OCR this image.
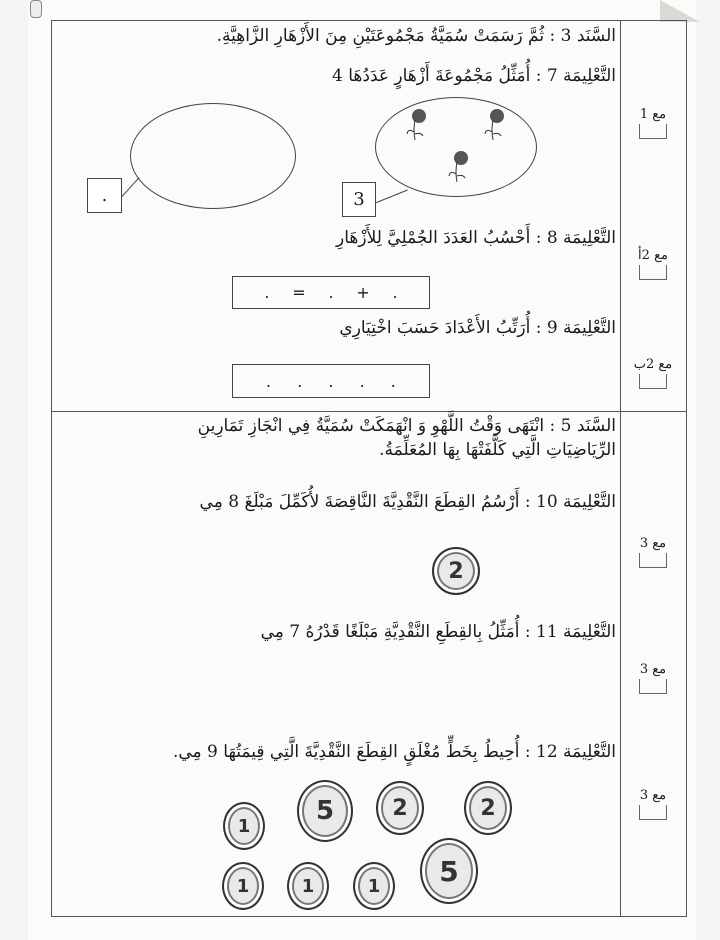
السَّنَد 3 : ثُمَّ رَسَمَتْ سُمَيَّةُ مَجْمُوعَتَيْنِ مِنَ الأَزْهَارِ الزَّاهِيَّةِ.
التَّعْلِيمَة 7 : أُمَثِّلُ مَجْمُوعَةَ أَزْهَارٍ عَدَدُهَا 4
.	3
التَّعْلِيمَة 8 : أَحْسُبُ العَدَدَ الجُمْلِيَّ لِلأَزْهَارِ
. = . + .
التَّعْلِيمَة 9 : أُرَتِّبُ الأَعْدَادَ حَسَبَ اخْتِيَارِي
. . . . .
السَّنَد 5 : انْتَهَى وَقْتُ اللَّهْوِ وَ انْهَمَكَتْ سُمَيَّةُ فِي انْجَازِ تَمَارِينِ
الرِّيَاضِيَاتِ الَّتِي كَلَّفَتْهَا بِهَا المُعَلِّمَةُ.
التَّعْلِيمَة 10 : أَرْسُمُ القِطَعَ النَّقْدِيَّةَ النَّاقِصَةَ لأُكَمِّلَ مَبْلَغَ 8 مِي
2
التَّعْلِيمَة 11 : أُمَثِّلُ بِالقِطَعِ النَّقْدِيَّةِ مَبْلَغًا قَدْرُهُ 7 مِي
التَّعْلِيمَة 12 : أُحِيطُ بِخَطٍّ مُغْلَقٍ القِطَعَ النَّقْدِيَّةَ الَّتِي قِيمَتُهَا 9 مِي.
1	5	2	2
1	1	1 5
مع 1
مع 2أ
مع 2ب
مع 3
مع 3
مع 3
